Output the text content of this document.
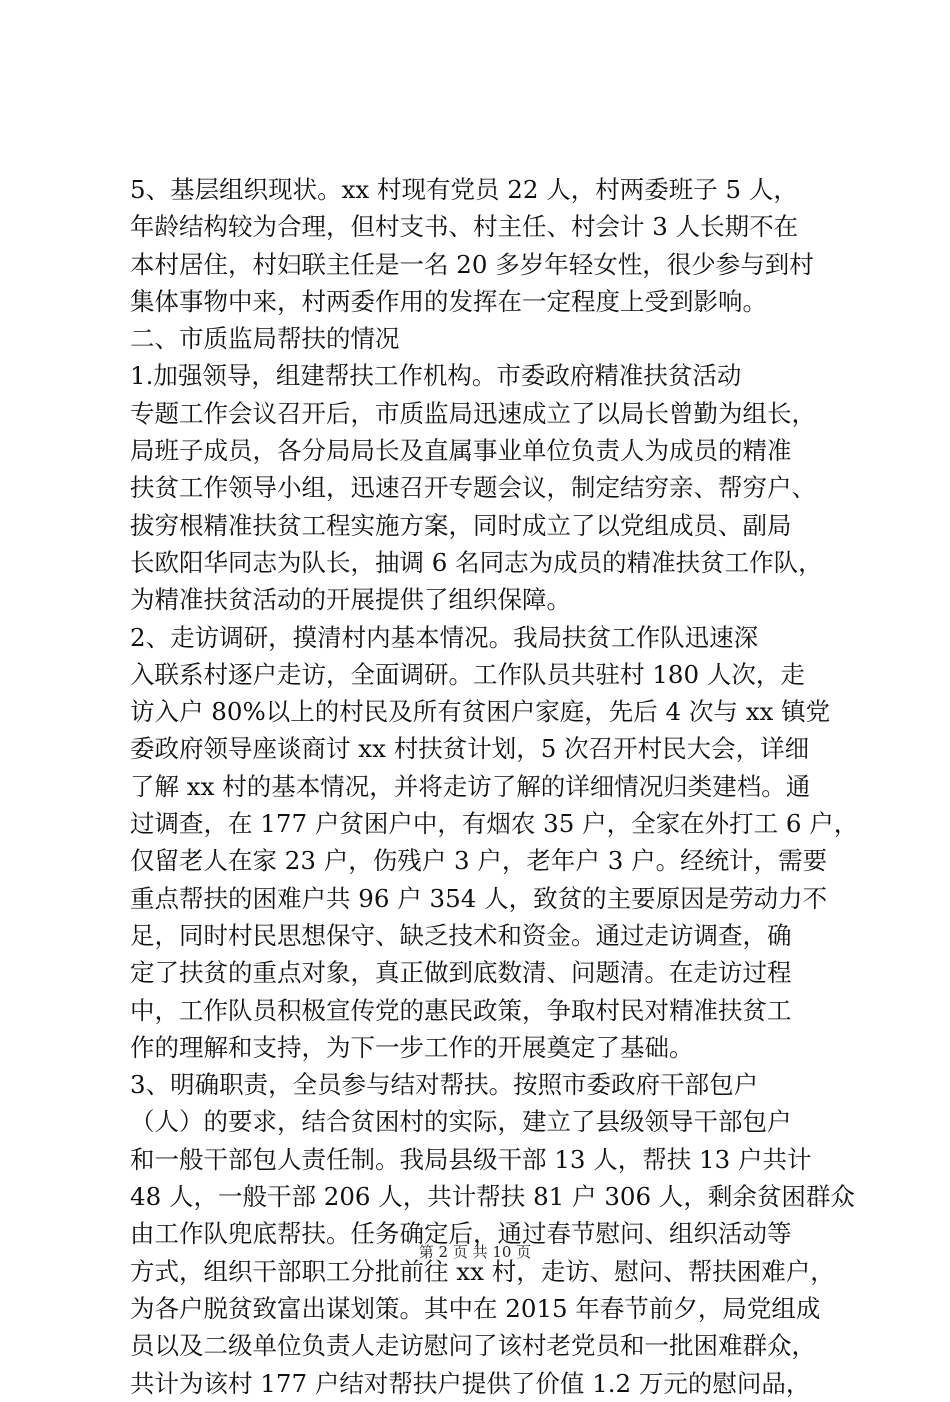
5、基层组织现状。xx 村现有党员 22 人，村两委班子 5 人，
年龄结构较为合理，但村支书、村主任、村会计 3 人长期不在
本村居住，村妇联主任是一名 20 多岁年轻女性，很少参与到村
集体事物中来，村两委作用的发挥在一定程度上受到影响。
二、市质监局帮扶的情况
1.加强领导，组建帮扶工作机构。市委政府精准扶贫活动
专题工作会议召开后，市质监局迅速成立了以局长曾勤为组长，
局班子成员，各分局局长及直属事业单位负责人为成员的精准
扶贫工作领导小组，迅速召开专题会议，制定结穷亲、帮穷户、
拔穷根精准扶贫工程实施方案，同时成立了以党组成员、副局
长欧阳华同志为队长，抽调 6 名同志为成员的精准扶贫工作队，
为精准扶贫活动的开展提供了组织保障。
2、走访调研，摸清村内基本情况。我局扶贫工作队迅速深
入联系村逐户走访，全面调研。工作队员共驻村 180 人次，走
访入户 80%以上的村民及所有贫困户家庭，先后 4 次与 xx 镇党
委政府领导座谈商讨 xx 村扶贫计划，5 次召开村民大会，详细
了解 xx 村的基本情况，并将走访了解的详细情况归类建档。通
过调查，在 177 户贫困户中，有烟农 35 户，全家在外打工 6 户，
仅留老人在家 23 户，伤残户 3 户，老年户 3 户。经统计，需要
重点帮扶的困难户共 96 户 354 人，致贫的主要原因是劳动力不
足，同时村民思想保守、缺乏技术和资金。通过走访调查，确
定了扶贫的重点对象，真正做到底数清、问题清。在走访过程
中，工作队员积极宣传党的惠民政策，争取村民对精准扶贫工
作的理解和支持，为下一步工作的开展奠定了基础。
3、明确职责，全员参与结对帮扶。按照市委政府干部包户
（人）的要求，结合贫困村的实际，建立了县级领导干部包户
和一般干部包人责任制。我局县级干部 13 人，帮扶 13 户共计
48 人，一般干部 206 人，共计帮扶 81 户 306 人，剩余贫困群众
由工作队兜底帮扶。任务确定后，通过春节慰问、组织活动等
方式，组织干部职工分批前往 xx 村，走访、慰问、帮扶困难户，
为各户脱贫致富出谋划策。其中在 2015 年春节前夕，局党组成
员以及二级单位负责人走访慰问了该村老党员和一批困难群众，
共计为该村 177 户结对帮扶户提供了价值 1.2 万元的慰问品，
第 2 页 共 10 页
